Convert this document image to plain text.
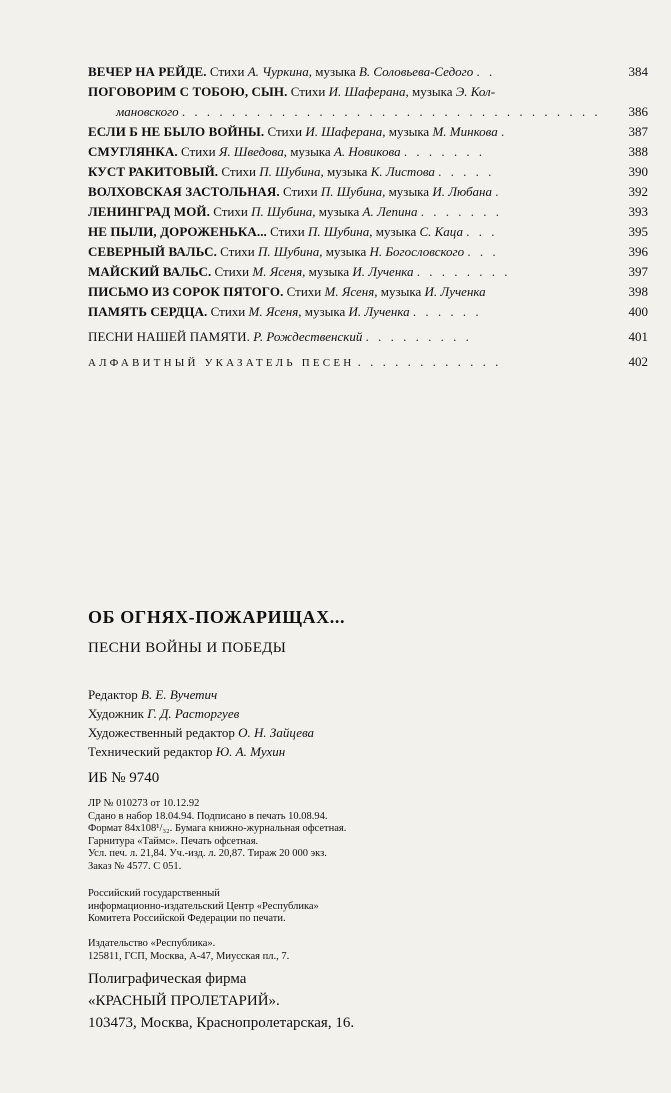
ВЕЧЕР НА РЕЙДЕ. Стихи А. Чуркина, музыка В. Соловьева-Седого . .	384
ПОГОВОРИМ С ТОБОЮ, СЫН. Стихи И. Шаферана, музыка Э. Кол-
мановского . . . . . . . . . . . . . . . . . . . . . . . . . . . . . . . . . .	386
ЕСЛИ Б НЕ БЫЛО ВОЙНЫ. Стихи И. Шаферана, музыка М. Минкова .	387
СМУГЛЯНКА. Стихи Я. Шведова, музыка А. Новикова . . . . . . .	388
КУСТ РАКИТОВЫЙ. Стихи П. Шубина, музыка К. Листова . . . . .	390
ВОЛХОВСКАЯ ЗАСТОЛЬНАЯ. Стихи П. Шубина, музыка И. Любана .	392
ЛЕНИНГРАД МОЙ. Стихи П. Шубина, музыка А. Лепина . . . . . . .	393
НЕ ПЫЛИ, ДОРОЖЕНЬКА... Стихи П. Шубина, музыка С. Каца . . .	395
СЕВЕРНЫЙ ВАЛЬС. Стихи П. Шубина, музыка Н. Богословского . . .	396
МАЙСКИЙ ВАЛЬС. Стихи М. Ясеня, музыка И. Лученка . . . . . . . .	397
ПИСЬМО ИЗ СОРОК ПЯТОГО. Стихи М. Ясеня, музыка И. Лученка	398
ПАМЯТЬ СЕРДЦА. Стихи М. Ясеня, музыка И. Лученка . . . . . .	400
ПЕСНИ НАШЕЙ ПАМЯТИ. Р. Рождественский . . . . . . . . .	401
АЛФАВИТНЫЙ УКАЗАТЕЛЬ ПЕСЕН . . . . . . . . . . . .	402
ОБ ОГНЯХ-ПОЖАРИЩАХ...
ПЕСНИ ВОЙНЫ И ПОБЕДЫ
Редактор В. Е. Вучетич
Художник Г. Д. Расторгуев
Художественный редактор О. Н. Зайцева
Технический редактор Ю. А. Мухин
ИБ № 9740
ЛР № 010273 от 10.12.92
Сдано в набор 18.04.94. Подписано в печать 10.08.94.
Формат 84x108¹/₃₂. Бумага книжно-журнальная офсетная.
Гарнитура «Таймс». Печать офсетная.
Усл. печ. л. 21,84. Уч.-изд. л. 20,87. Тираж 20 000 экз.
Заказ № 4577. С 051.
Российский государственный
информационно-издательский Центр «Республика»
Комитета Российской Федерации по печати.
Издательство «Республика».
125811, ГСП, Москва, А-47, Миусская пл., 7.
Полиграфическая фирма
«КРАСНЫЙ ПРОЛЕТАРИЙ».
103473, Москва, Краснопролетарская, 16.
